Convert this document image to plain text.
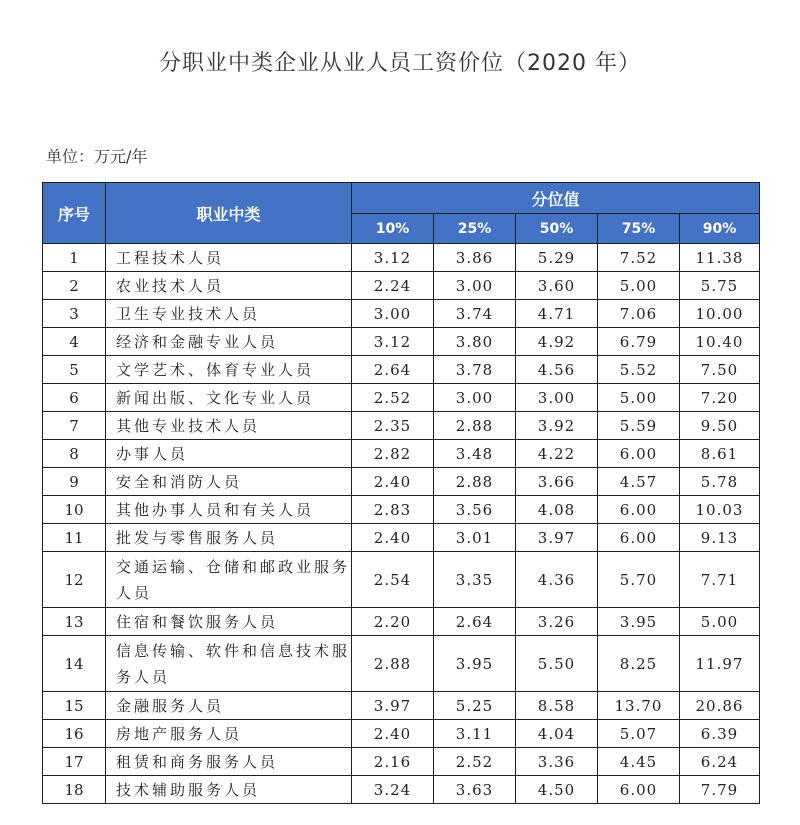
分职业中类企业从业人员工资价位（2020 年）
单位：万元/年
序号	职业中类	分位值				
		10%	25%	50%	75%	90%
1	工程技术人员	3.12	3.86	5.29	7.52	11.38
2	农业技术人员	2.24	3.00	3.60	5.00	5.75
3	卫生专业技术人员	3.00	3.74	4.71	7.06	10.00
4	经济和金融专业人员	3.12	3.80	4.92	6.79	10.40
5	文学艺术、体育专业人员	2.64	3.78	4.56	5.52	7.50
6	新闻出版、文化专业人员	2.52	3.00	3.00	5.00	7.20
7	其他专业技术人员	2.35	2.88	3.92	5.59	9.50
8	办事人员	2.82	3.48	4.22	6.00	8.61
9	安全和消防人员	2.40	2.88	3.66	4.57	5.78
10	其他办事人员和有关人员	2.83	3.56	4.08	6.00	10.03
11	批发与零售服务人员	2.40	3.01	3.97	6.00	9.13
12	交通运输、仓储和邮政业服务人员	2.54	3.35	4.36	5.70	7.71
13	住宿和餐饮服务人员	2.20	2.64	3.26	3.95	5.00
14	信息传输、软件和信息技术服务人员	2.88	3.95	5.50	8.25	11.97
15	金融服务人员	3.97	5.25	8.58	13.70	20.86
16	房地产服务人员	2.40	3.11	4.04	5.07	6.39
17	租赁和商务服务人员	2.16	2.52	3.36	4.45	6.24
18	技术辅助服务人员	3.24	3.63	4.50	6.00	7.79
